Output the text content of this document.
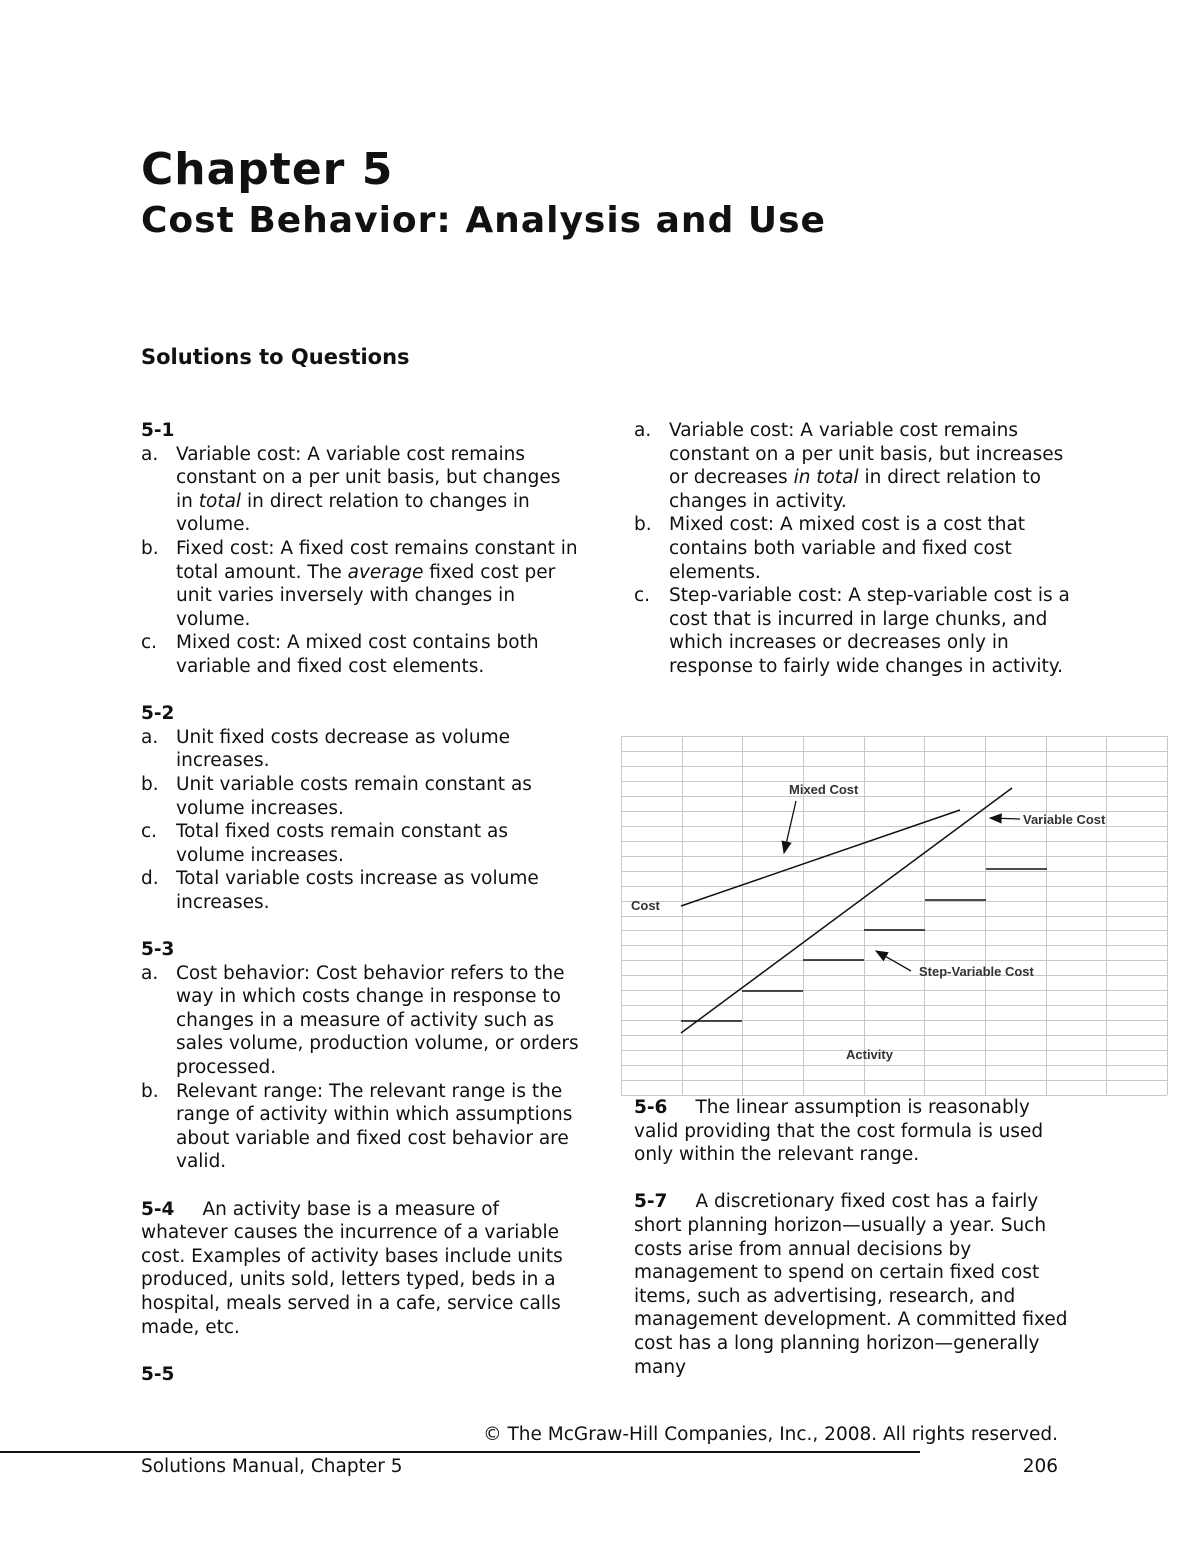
Chapter 5
Cost Behavior: Analysis and Use
Solutions to Questions
5-1
a. Variable cost: A variable cost remains constant on a per unit basis, but changes in total in direct relation to changes in volume.
b. Fixed cost: A fixed cost remains constant in total amount. The average fixed cost per unit varies inversely with changes in volume.
c.	Mixed cost: A mixed cost contains both variable and fixed cost elements.
5-2
a. Unit fixed costs decrease as volume increases.
b. Unit variable costs remain constant as volume increases.
c.	Total fixed costs remain constant as volume increases.
d. Total variable costs increase as volume increases.
5-3
a. Cost behavior: Cost behavior refers to the way in which costs change in response to changes in a measure of activity such as sales volume, production volume, or orders processed.
b. Relevant range: The relevant range is the range of activity within which assumptions about variable and fixed cost behavior are valid.
5-4 An activity base is a measure of whatever causes the incurrence of a variable cost. Examples of activity bases include units produced, units sold, letters typed, beds in a hospital, meals served in a cafe, service calls made, etc.
5-5
a. Variable cost: A variable cost remains constant on a per unit basis, but increases or decreases in total in direct relation to changes in activity.
b. Mixed cost: A mixed cost is a cost that contains both variable and fixed cost elements.
c.	Step-variable cost: A step-variable cost is a cost that is incurred in large chunks, and which increases or decreases only in response to fairly wide changes in activity.
Mixed Cost
Variable Cost
Step-Variable Cost
Cost
Activity
5-6 The linear assumption is reasonably valid providing that the cost formula is used only within the relevant range.
5-7 A discretionary fixed cost has a fairly short planning horizon—usually a year. Such costs arise from annual decisions by management to spend on certain fixed cost items, such as advertising, research, and management development. A committed fixed cost has a long planning horizon—generally many
© The McGraw-Hill Companies, Inc., 2008. All rights reserved.
Solutions Manual, Chapter 5	206
